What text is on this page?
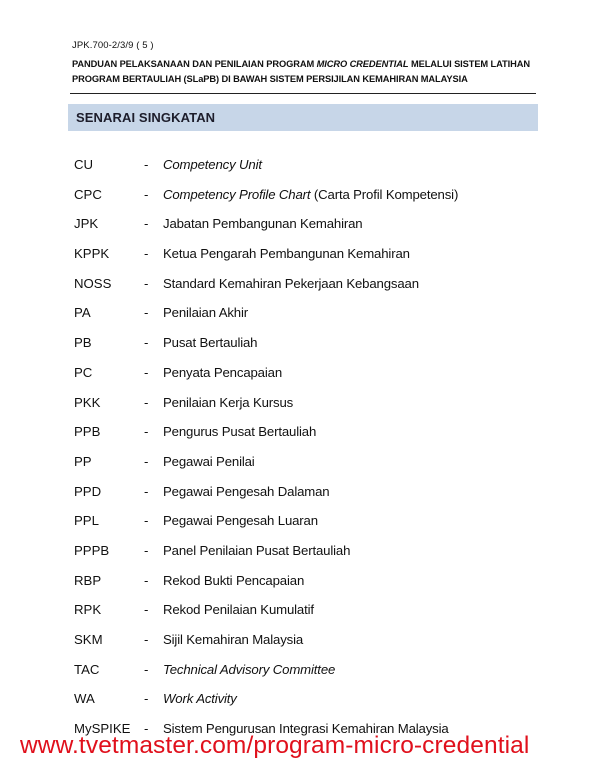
JPK.700-2/3/9 ( 5 )
PANDUAN PELAKSANAAN DAN PENILAIAN PROGRAM MICRO CREDENTIAL MELALUI SISTEM LATIHAN PROGRAM BERTAULIAH (SLaPB) DI BAWAH SISTEM PERSIJILAN KEMAHIRAN MALAYSIA
SENARAI SINGKATAN
CU	- Competency Unit
CPC	- Competency Profile Chart (Carta Profil Kompetensi)
JPK	- Jabatan Pembangunan Kemahiran
KPPK	- Ketua Pengarah Pembangunan Kemahiran
NOSS - Standard Kemahiran Pekerjaan Kebangsaan
PA	- Penilaian Akhir
PB	- Pusat Bertauliah
PC	- Penyata Pencapaian
PKK	- Penilaian Kerja Kursus
PPB	- Pengurus Pusat Bertauliah
PP	- Pegawai Penilai
PPD	- Pegawai Pengesah Dalaman
PPL	- Pegawai Pengesah Luaran
PPPB	- Panel Penilaian Pusat Bertauliah
RBP	- Rekod Bukti Pencapaian
RPK	- Rekod Penilaian Kumulatif
SKM	- Sijil Kemahiran Malaysia
TAC	- Technical Advisory Committee
WA	- Work Activity
MySPIKE - Sistem Pengurusan Integrasi Kemahiran Malaysia
www.tvetmaster.com/program-micro-credential
